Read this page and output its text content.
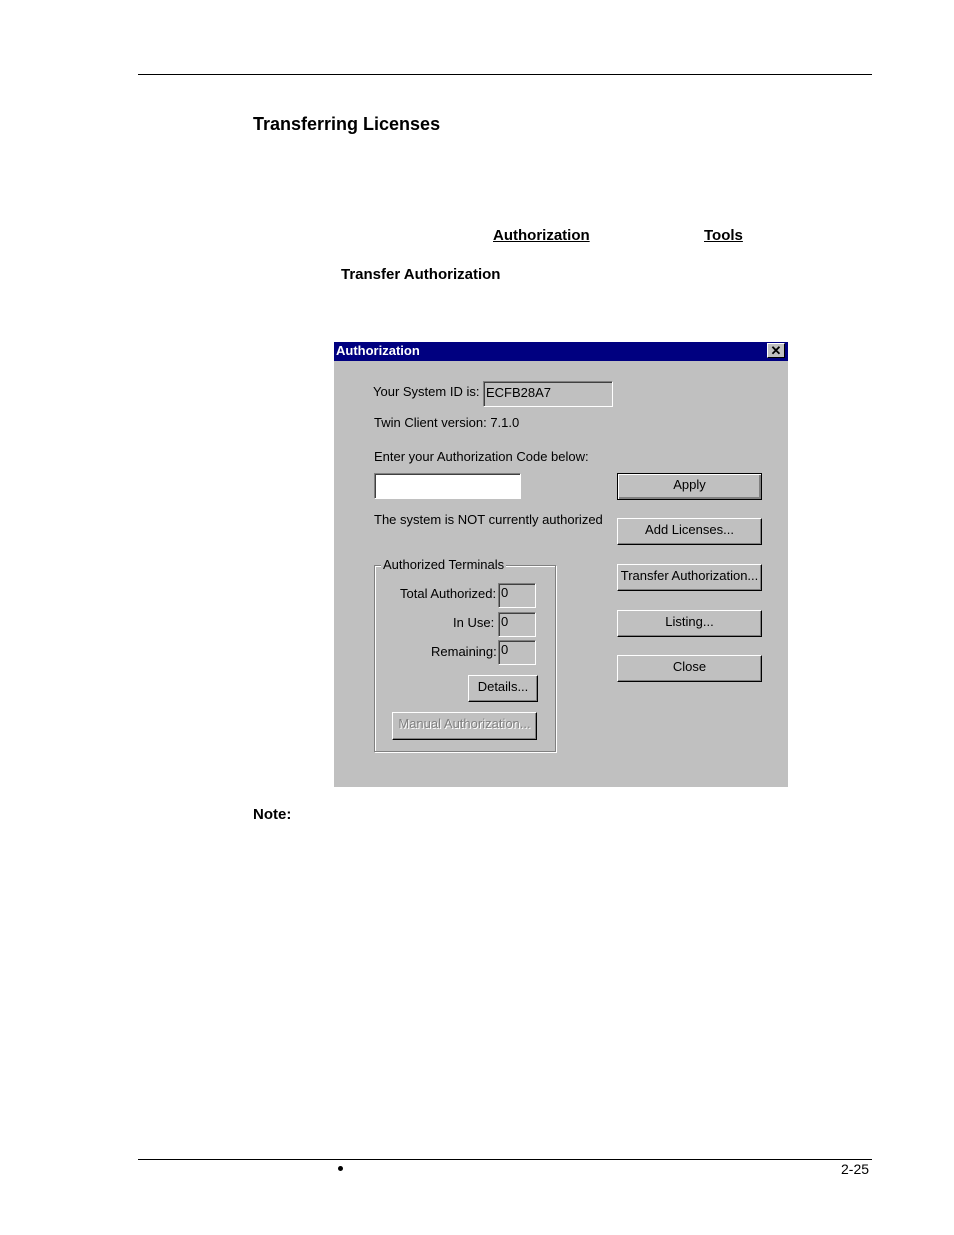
Transferring Licenses
Authorization	Tools
Transfer Authorization
Authorization	✕
Your System ID is: ECFB28A7
Twin Client version: 7.1.0
Enter your Authorization Code below:
The system is NOT currently authorized
Apply
Add Licenses...
Transfer Authorization...
Listing...
Close
Authorized Terminals
Total Authorized: 0
In Use: 0
Remaining: 0
Details...
Manual Authorization...
Note:
2-25
